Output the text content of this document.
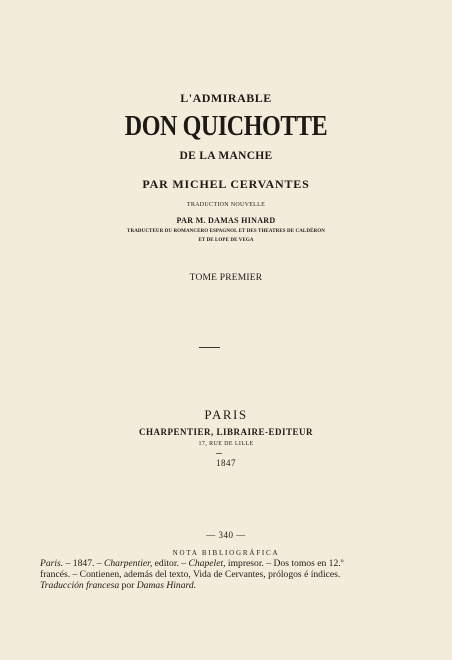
L'ADMIRABLE

DON QUICHOTTE

DE LA MANCHE

PAR MICHEL CERVANTES

TRADUCTION NOUVELLE

PAR M. DAMAS HINARD

TRADUCTEUR DU ROMANCERO ESPAGNOL ET DES THEATRES DE CALDÉRON

ET DE LOPE DE VEGA

TOME PREMIER

PARIS

CHARPENTIER, LIBRAIRE-EDITEUR

17, RUE DE LILLE

1847

— 340 —

NOTA BIBLIOGRÁFICA

Paris. – 1847. – Charpentier, editor. – Chapelet, impresor. – Dos tomos en 12.º
francés. – Contienen, además del texto, Vida de Cervantes, prólogos é índices.
Traducción francesa por Damas Hinard.
